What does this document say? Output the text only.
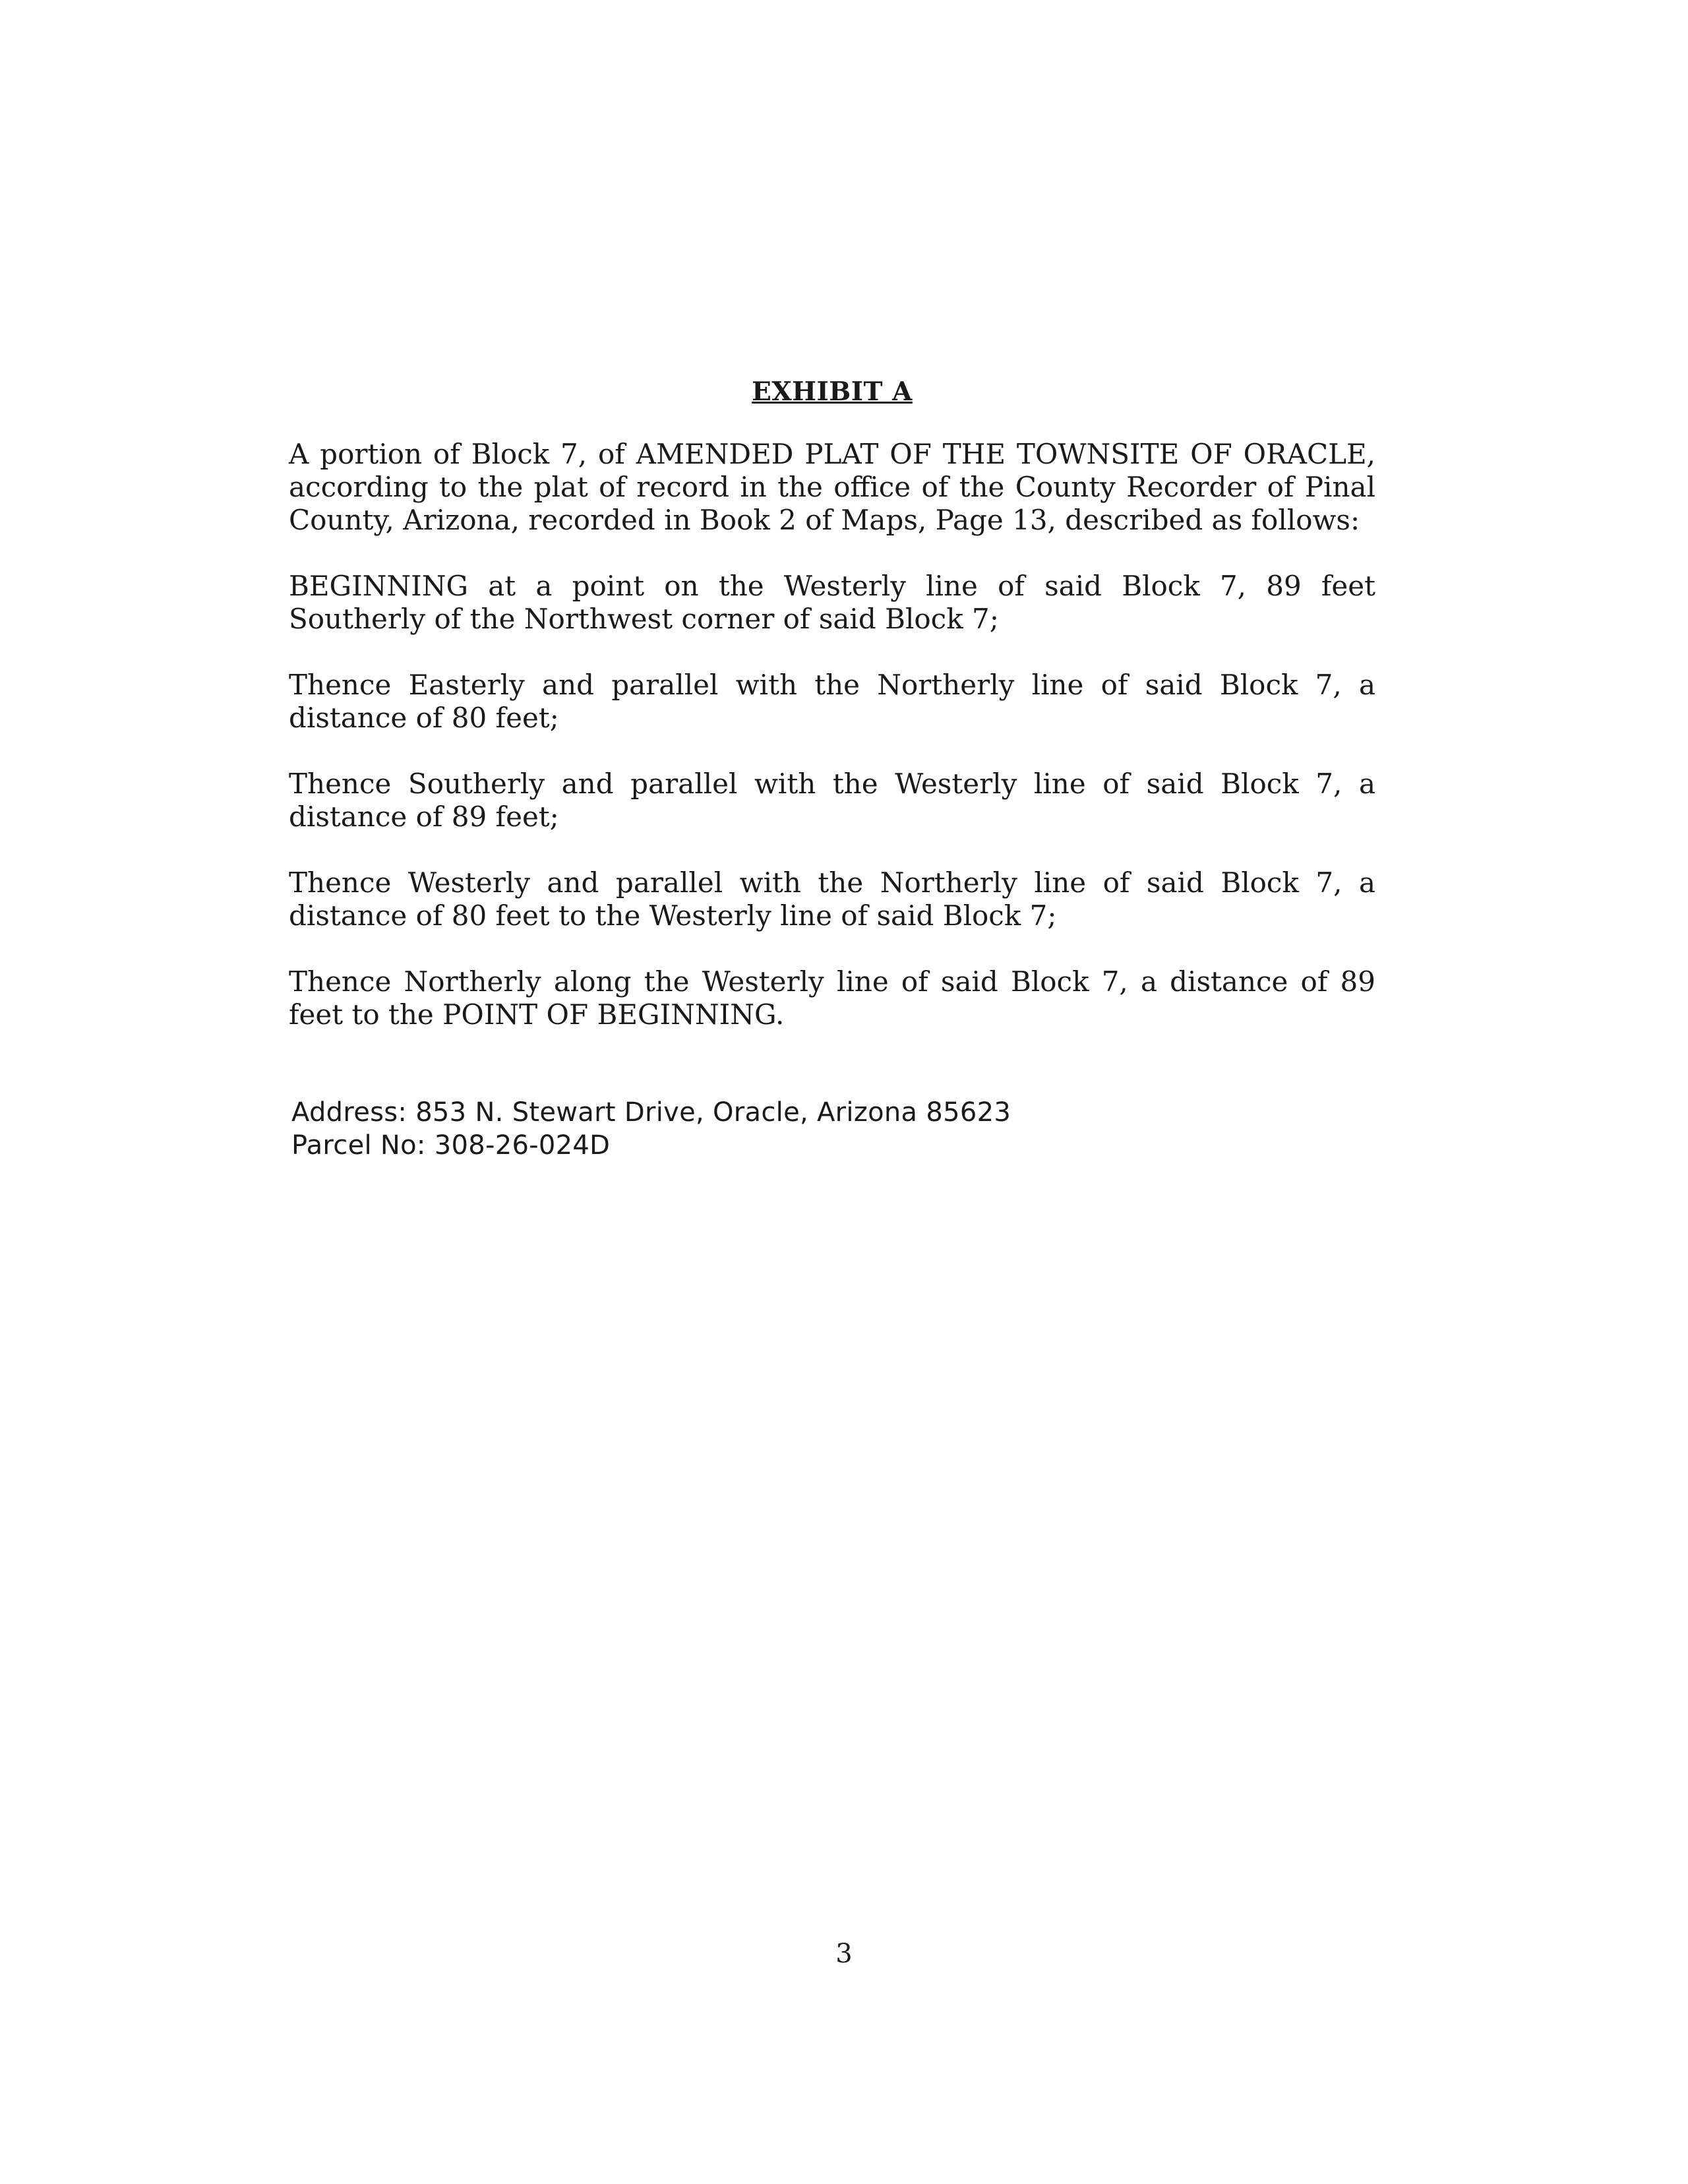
EXHIBIT A

A portion of Block 7, of AMENDED PLAT OF THE TOWNSITE OF ORACLE, according to the plat of record in the office of the County Recorder of Pinal County, Arizona, recorded in Book 2 of Maps, Page 13, described as follows:

BEGINNING at a point on the Westerly line of said Block 7, 89 feet Southerly of the Northwest corner of said Block 7;

Thence Easterly and parallel with the Northerly line of said Block 7, a distance of 80 feet;

Thence Southerly and parallel with the Westerly line of said Block 7, a distance of 89 feet;

Thence Westerly and parallel with the Northerly line of said Block 7, a distance of 80 feet to the Westerly line of said Block 7;

Thence Northerly along the Westerly line of said Block 7, a distance of 89 feet to the POINT OF BEGINNING.

Address: 853 N. Stewart Drive, Oracle, Arizona 85623
Parcel No: 308-26-024D
3
